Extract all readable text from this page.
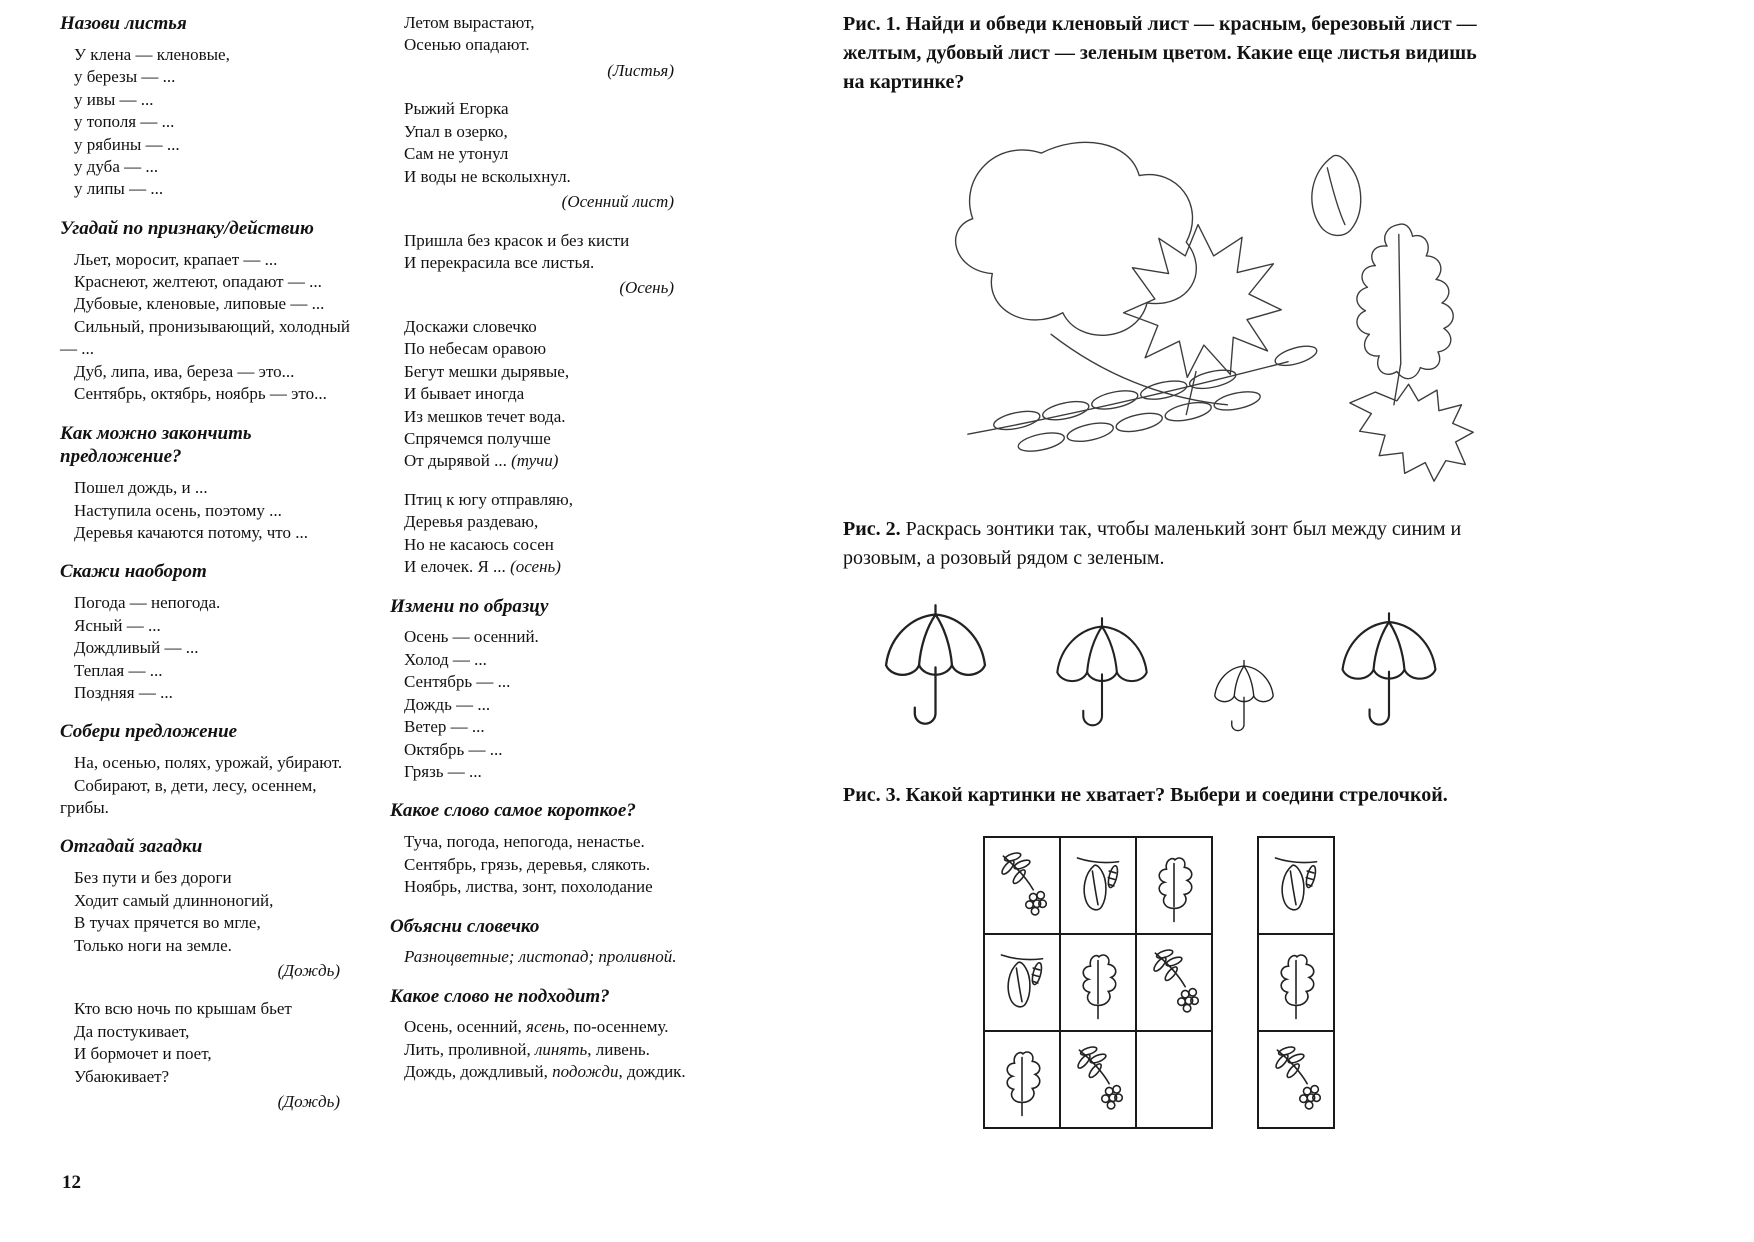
Назови листья
У клена — кленовые,
у березы — ...
у ивы — ...
у тополя — ...
у рябины — ...
у дуба — ...
у липы — ...
Угадай по признаку/действию
Льет, моросит, крапает — ...
Краснеют, желтеют, опадают — ...
Дубовые, кленовые, липовые — ...
Сильный, пронизывающий, холодный — ...
Дуб, липа, ива, береза — это...
Сентябрь, октябрь, ноябрь — это...
Как можно закончить предложение?
Пошел дождь, и ...
Наступила осень, поэтому ...
Деревья качаются потому, что ...
Скажи наоборот
Погода — непогода.
Ясный — ...
Дождливый — ...
Теплая — ...
Поздняя — ...
Собери предложение
На, осенью, полях, урожай, убирают.
Собирают, в, дети, лесу, осеннем, грибы.
Отгадай загадки
Без пути и без дороги
Ходит самый длинноногий,
В тучах прячется во мгле,
Только ноги на земле.
(Дождь)
Кто всю ночь по крышам бьет
Да постукивает,
И бормочет и поет,
Убаюкивает?
(Дождь)
Летом вырастают,
Осенью опадают.
(Листья)
Рыжий Егорка
Упал в озерко,
Сам не утонул
И воды не всколыхнул.
(Осенний лист)
Пришла без красок и без кисти
И перекрасила все листья.
(Осень)
Доскажи словечко
По небесам оравою
Бегут мешки дырявые,
И бывает иногда
Из мешков течет вода.
Спрячемся получше
От дырявой ... (тучи)
Птиц к югу отправляю,
Деревья раздеваю,
Но не касаюсь сосен
И елочек. Я ... (осень)
Измени по образцу
Осень — осенний.
Холод — ...
Сентябрь — ...
Дождь — ...
Ветер — ...
Октябрь — ...
Грязь — ...
Какое слово самое короткое?
Туча, погода, непогода, ненастье.
Сентябрь, грязь, деревья, слякоть.
Ноябрь, листва, зонт, похолодание
Объясни словечко
Разноцветные; листопад; проливной.
Какое слово не подходит?
Осень, осенний, ясень, по-осеннему.
Лить, проливной, линять, ливень.
Дождь, дождливый, подожди, дождик.

Рис. 1. Найди и обведи кленовый лист — красным, березовый лист — желтым, дубовый лист — зеленым цветом. Какие еще листья видишь на картинке?

Рис. 2. Раскрась зонтики так, чтобы маленький зонт был между синим и розовым, а розовый рядом с зеленым.

Рис. 3. Какой картинки не хватает? Выбери и соедини стрелочкой.

12
